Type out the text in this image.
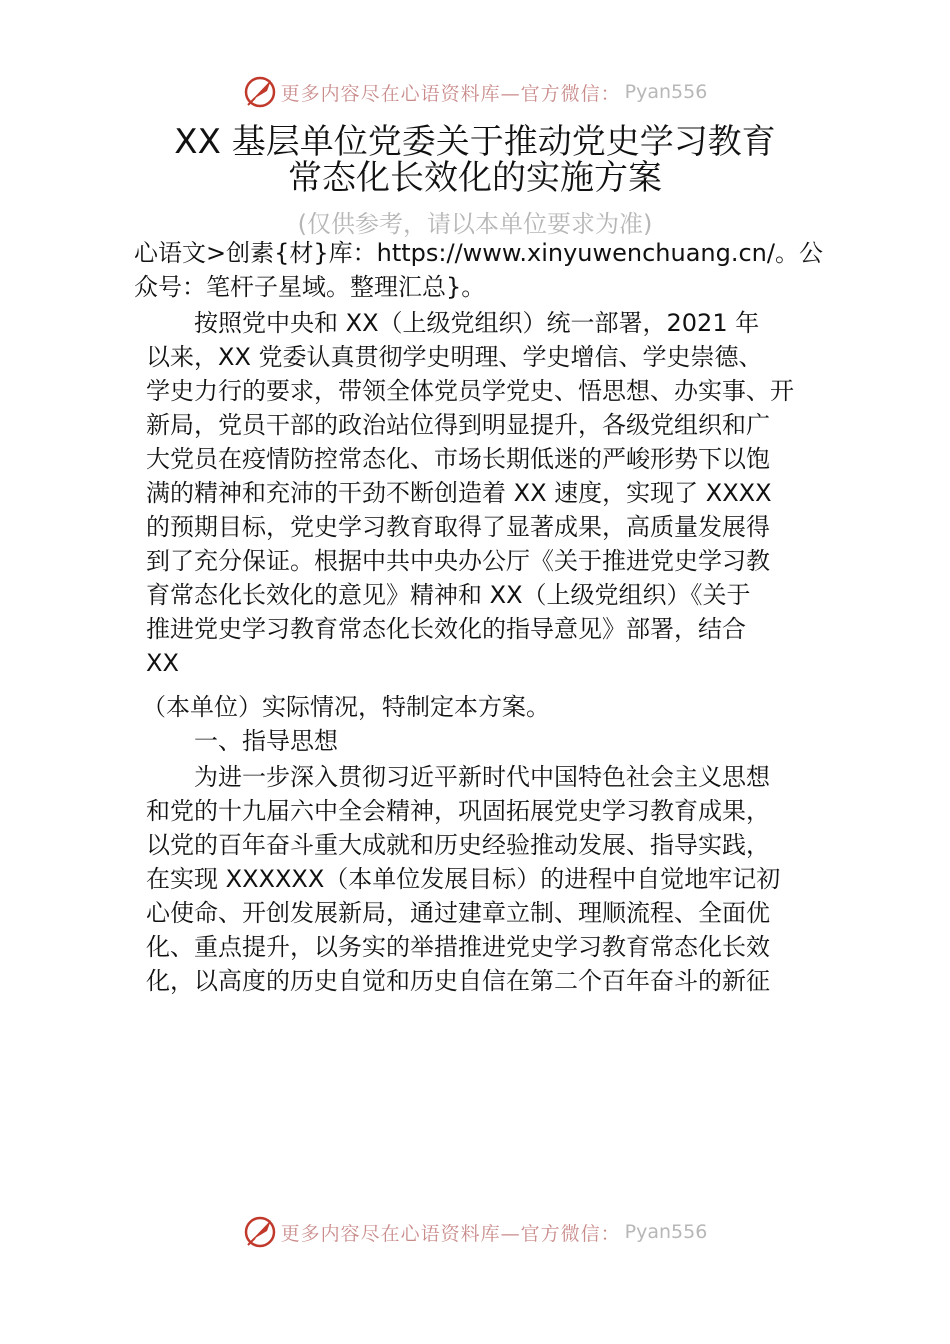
更多内容尽在心语资料库—官方微信： Pyan556
XX 基层单位党委关于推动党史学习教育
常态化长效化的实施方案
(仅供参考，请以本单位要求为准)
心语文>创素{材}库：https://www.xinyuwenchuang.cn/。公
众号：笔杆子星域。整理汇总}。
按照党中央和 XX（上级党组织）统一部署，2021 年
以来，XX 党委认真贯彻学史明理、学史增信、学史崇德、
学史力行的要求，带领全体党员学党史、悟思想、办实事、开
新局，党员干部的政治站位得到明显提升，各级党组织和广
大党员在疫情防控常态化、市场长期低迷的严峻形势下以饱
满的精神和充沛的干劲不断创造着 XX 速度，实现了 XXXX
的预期目标，党史学习教育取得了显著成果，高质量发展得
到了充分保证。根据中共中央办公厅《关于推进党史学习教
育常态化长效化的意见》精神和 XX（上级党组织）《关于
推进党史学习教育常态化长效化的指导意见》部署，结合
XX
（本单位）实际情况，特制定本方案。
一、指导思想
为进一步深入贯彻习近平新时代中国特色社会主义思想
和党的十九届六中全会精神，巩固拓展党史学习教育成果，
以党的百年奋斗重大成就和历史经验推动发展、指导实践，
在实现 XXXXXX（本单位发展目标）的进程中自觉地牢记初
心使命、开创发展新局，通过建章立制、理顺流程、全面优
化、重点提升，以务实的举措推进党史学习教育常态化长效
化，以高度的历史自觉和历史自信在第二个百年奋斗的新征
更多内容尽在心语资料库—官方微信： Pyan556
